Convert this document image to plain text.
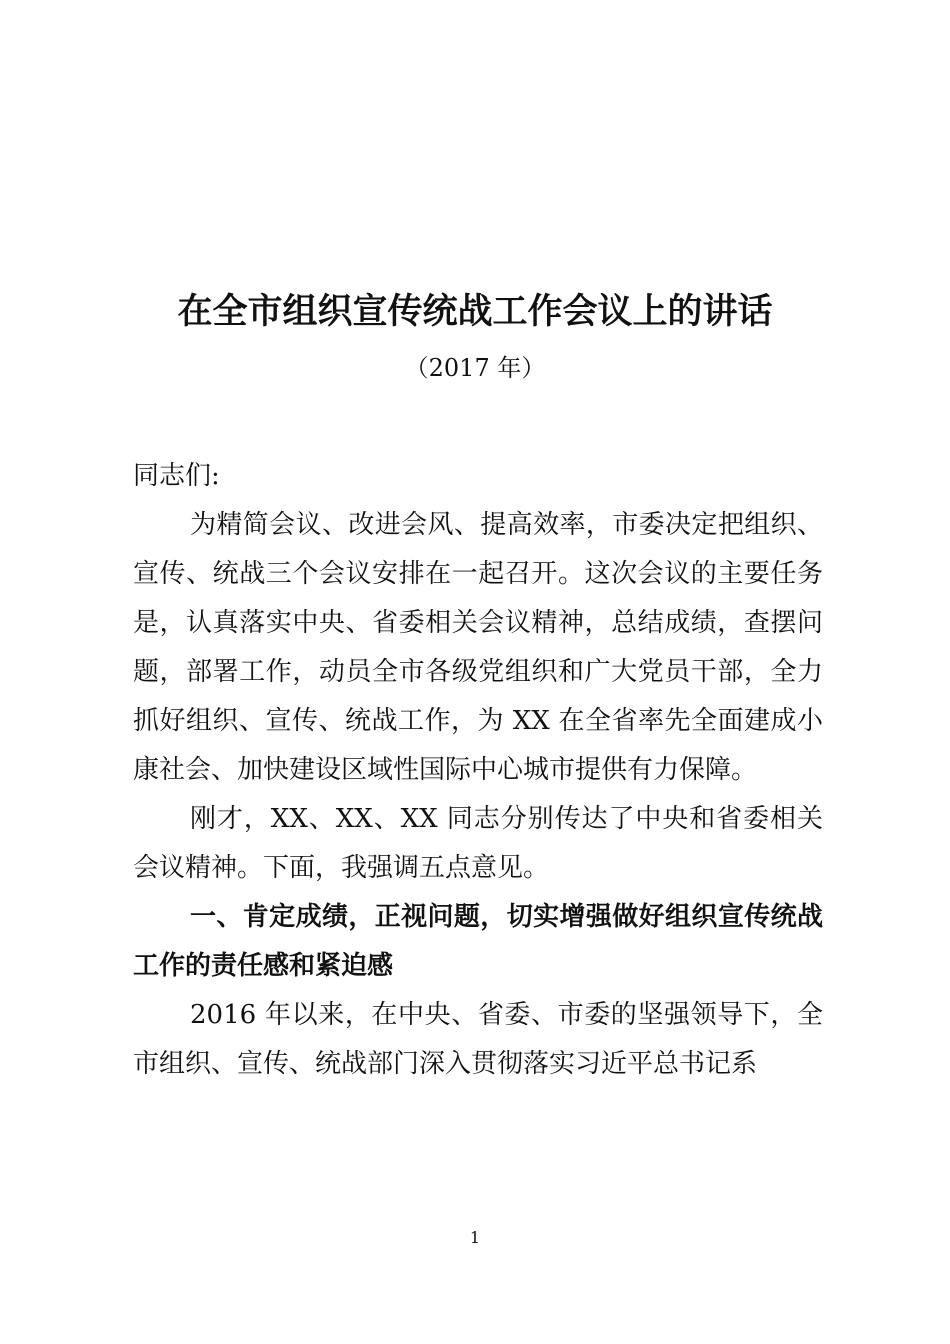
在全市组织宣传统战工作会议上的讲话
（2017 年）

同志们:

为精简会议、改进会风、提高效率，市委决定把组织、宣传、统战三个会议安排在一起召开。这次会议的主要任务是，认真落实中央、省委相关会议精神，总结成绩，查摆问题，部署工作，动员全市各级党组织和广大党员干部，全力抓好组织、宣传、统战工作，为 XX 在全省率先全面建成小康社会、加快建设区域性国际中心城市提供有力保障。

刚才，XX、XX、XX 同志分别传达了中央和省委相关会议精神。下面，我强调五点意见。

一、肯定成绩，正视问题，切实增强做好组织宣传统战工作的责任感和紧迫感

2016 年以来，在中央、省委、市委的坚强领导下，全市组织、宣传、统战部门深入贯彻落实习近平总书记系

1
